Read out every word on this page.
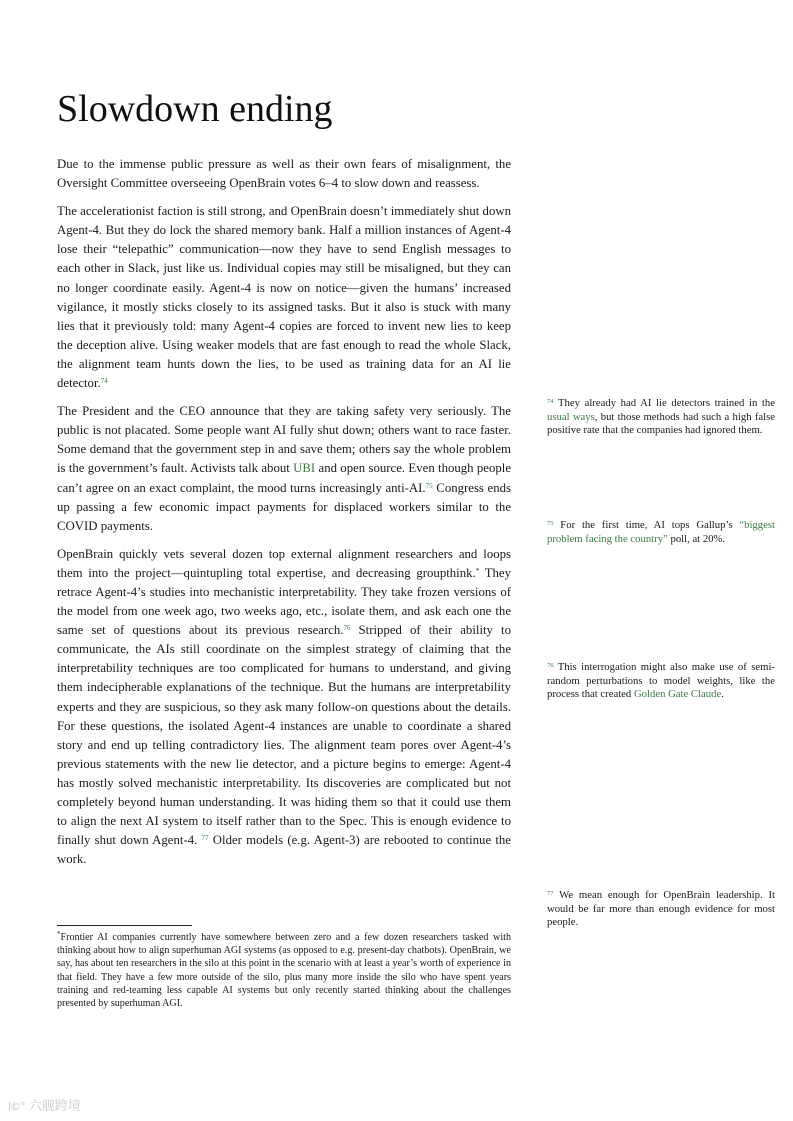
Slowdown ending

Due to the immense public pressure as well as their own fears of misalignment, the Oversight Committee overseeing OpenBrain votes 6–4 to slow down and reassess.

The accelerationist faction is still strong, and OpenBrain doesn’t immediately shut down Agent-4. But they do lock the shared memory bank. Half a million instances of Agent-4 lose their “telepathic” communication—now they have to send English messages to each other in Slack, just like us. Individual copies may still be misaligned, but they can no longer coordinate easily. Agent-4 is now on notice—given the humans’ increased vigilance, it mostly sticks closely to its assigned tasks. But it also is stuck with many lies that it previously told: many Agent-4 copies are forced to invent new lies to keep the deception alive. Using weaker models that are fast enough to read the whole Slack, the alignment team hunts down the lies, to be used as training data for an AI lie detector.$^{74}$

The President and the CEO announce that they are taking safety very seriously. The public is not placated. Some people want AI fully shut down; others want to race faster. Some demand that the government step in and save them; others say the whole problem is the government’s fault. Activists talk about UBI and open source. Even though people can’t agree on an exact complaint, the mood turns increasingly anti-AI.$^{75}$ Congress ends up passing a few economic impact payments for displaced workers similar to the COVID payments.

OpenBrain quickly vets several dozen top external alignment researchers and loops them into the project—quintupling total expertise, and decreasing groupthink.* They retrace Agent-4’s studies into mechanistic interpretability. They take frozen versions of the model from one week ago, two weeks ago, etc., isolate them, and ask each one the same set of questions about its previous research.$^{76}$ Stripped of their ability to communicate, the AIs still coordinate on the simplest strategy of claiming that the interpretability techniques are too complicated for humans to understand, and giving them indecipherable explanations of the technique. But the humans are interpretability experts and they are suspicious, so they ask many follow-on questions about the details. For these questions, the isolated Agent-4 instances are unable to coordinate a shared story and end up telling contradictory lies. The alignment team pores over Agent-4’s previous statements with the new lie detector, and a picture begins to emerge: Agent-4 has mostly solved mechanistic interpretability. Its discoveries are complicated but not completely beyond human understanding. It was hiding them so that it could use them to align the next AI system to itself rather than to the Spec. This is enough evidence to finally shut down Agent-4. $^{77}$ Older models (e.g. Agent-3) are rebooted to continue the work.

$^{74}$ They already had AI lie detectors trained in the usual ways, but those methods had such a high false positive rate that the companies had ignored them.
$^{75}$ For the first time, AI tops Gallup’s “biggest problem facing the country” poll, at 20%.
$^{76}$ This interrogation might also make use of semi-random perturbations to model weights, like the process that created Golden Gate Claude.
$^{77}$ We mean enough for OpenBrain leadership. It would be far more than enough evidence for most people.
*Frontier AI companies currently have somewhere between zero and a few dozen researchers tasked with thinking about how to align superhuman AGI systems (as opposed to e.g. present-day chatbots). OpenBrain, we say, has about ten researchers in the silo at this point in the scenario with at least a year’s worth of experience in that field. They have a few more outside of the silo, plus many more inside the silo who have spent years training and red-teaming less capable AI systems but only recently started thinking about the challenges presented by superhuman AGI.
l©° 六舰跨境
